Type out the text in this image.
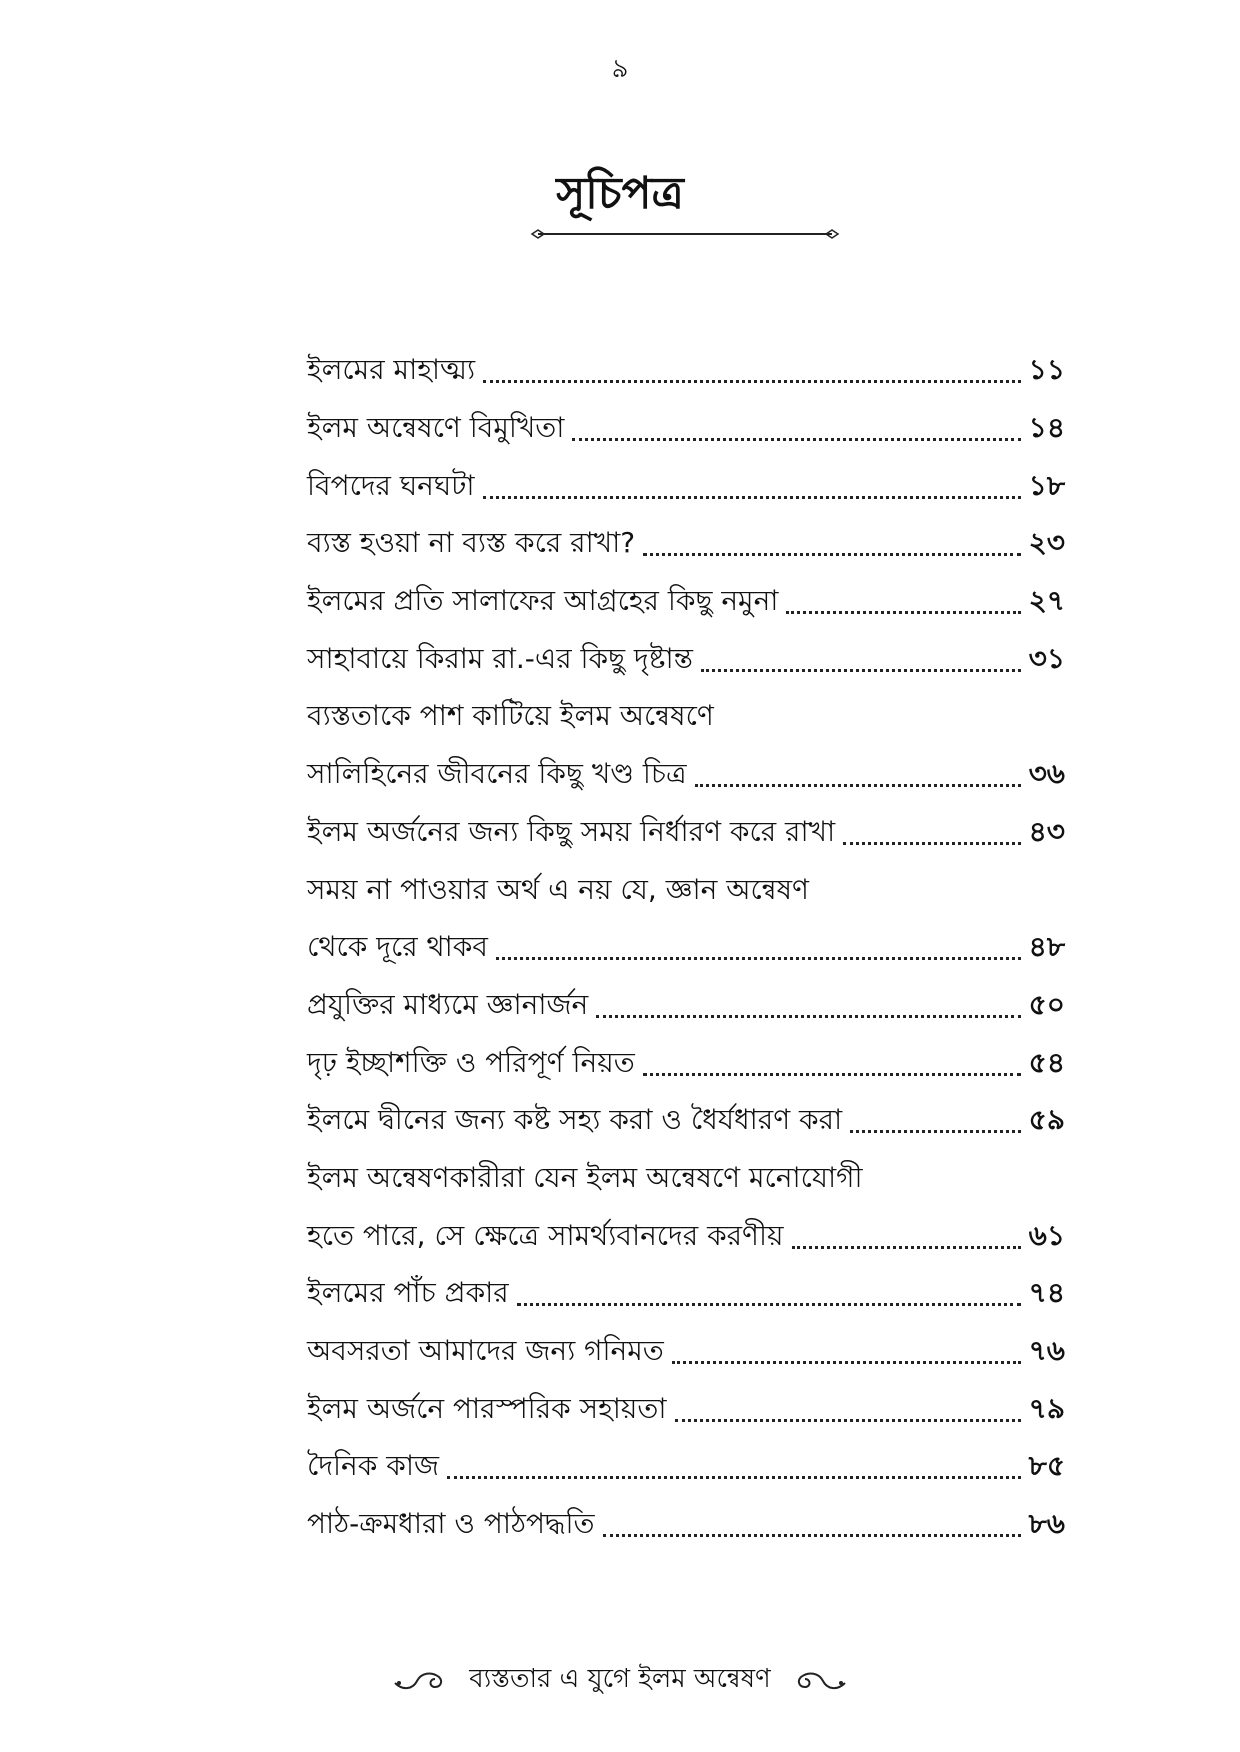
৯
সূচিপত্র
ইলমের মাহাত্ম্য	১১
ইলম অন্বেষণে বিমুখিতা	১৪
বিপদের ঘনঘটা	১৮
ব্যস্ত হওয়া না ব্যস্ত করে রাখা?	২৩
ইলমের প্রতি সালাফের আগ্রহের কিছু নমুনা	২৭
সাহাবায়ে কিরাম রা.-এর কিছু দৃষ্টান্ত	৩১
ব্যস্ততাকে পাশ কাটিয়ে ইলম অন্বেষণে
সালিহিনের জীবনের কিছু খণ্ড চিত্র	৩৬
ইলম অর্জনের জন্য কিছু সময় নির্ধারণ করে রাখা	৪৩
সময় না পাওয়ার অর্থ এ নয় যে, জ্ঞান অন্বেষণ
থেকে দূরে থাকব	৪৮
প্রযুক্তির মাধ্যমে জ্ঞানার্জন	৫০
দৃঢ় ইচ্ছাশক্তি ও পরিপূর্ণ নিয়ত	৫৪
ইলমে দ্বীনের জন্য কষ্ট সহ্য করা ও ধৈর্যধারণ করা	৫৯
ইলম অন্বেষণকারীরা যেন ইলম অন্বেষণে মনোযোগী
হতে পারে, সে ক্ষেত্রে সামর্থ্যবানদের করণীয়	৬১
ইলমের পাঁচ প্রকার	৭৪
অবসরতা আমাদের জন্য গনিমত	৭৬
ইলম অর্জনে পারস্পরিক সহায়তা	৭৯
দৈনিক কাজ	৮৫
পাঠ-ক্রমধারা ও পাঠপদ্ধতি	৮৬
ব্যস্ততার এ যুগে ইলম অন্বেষণ
